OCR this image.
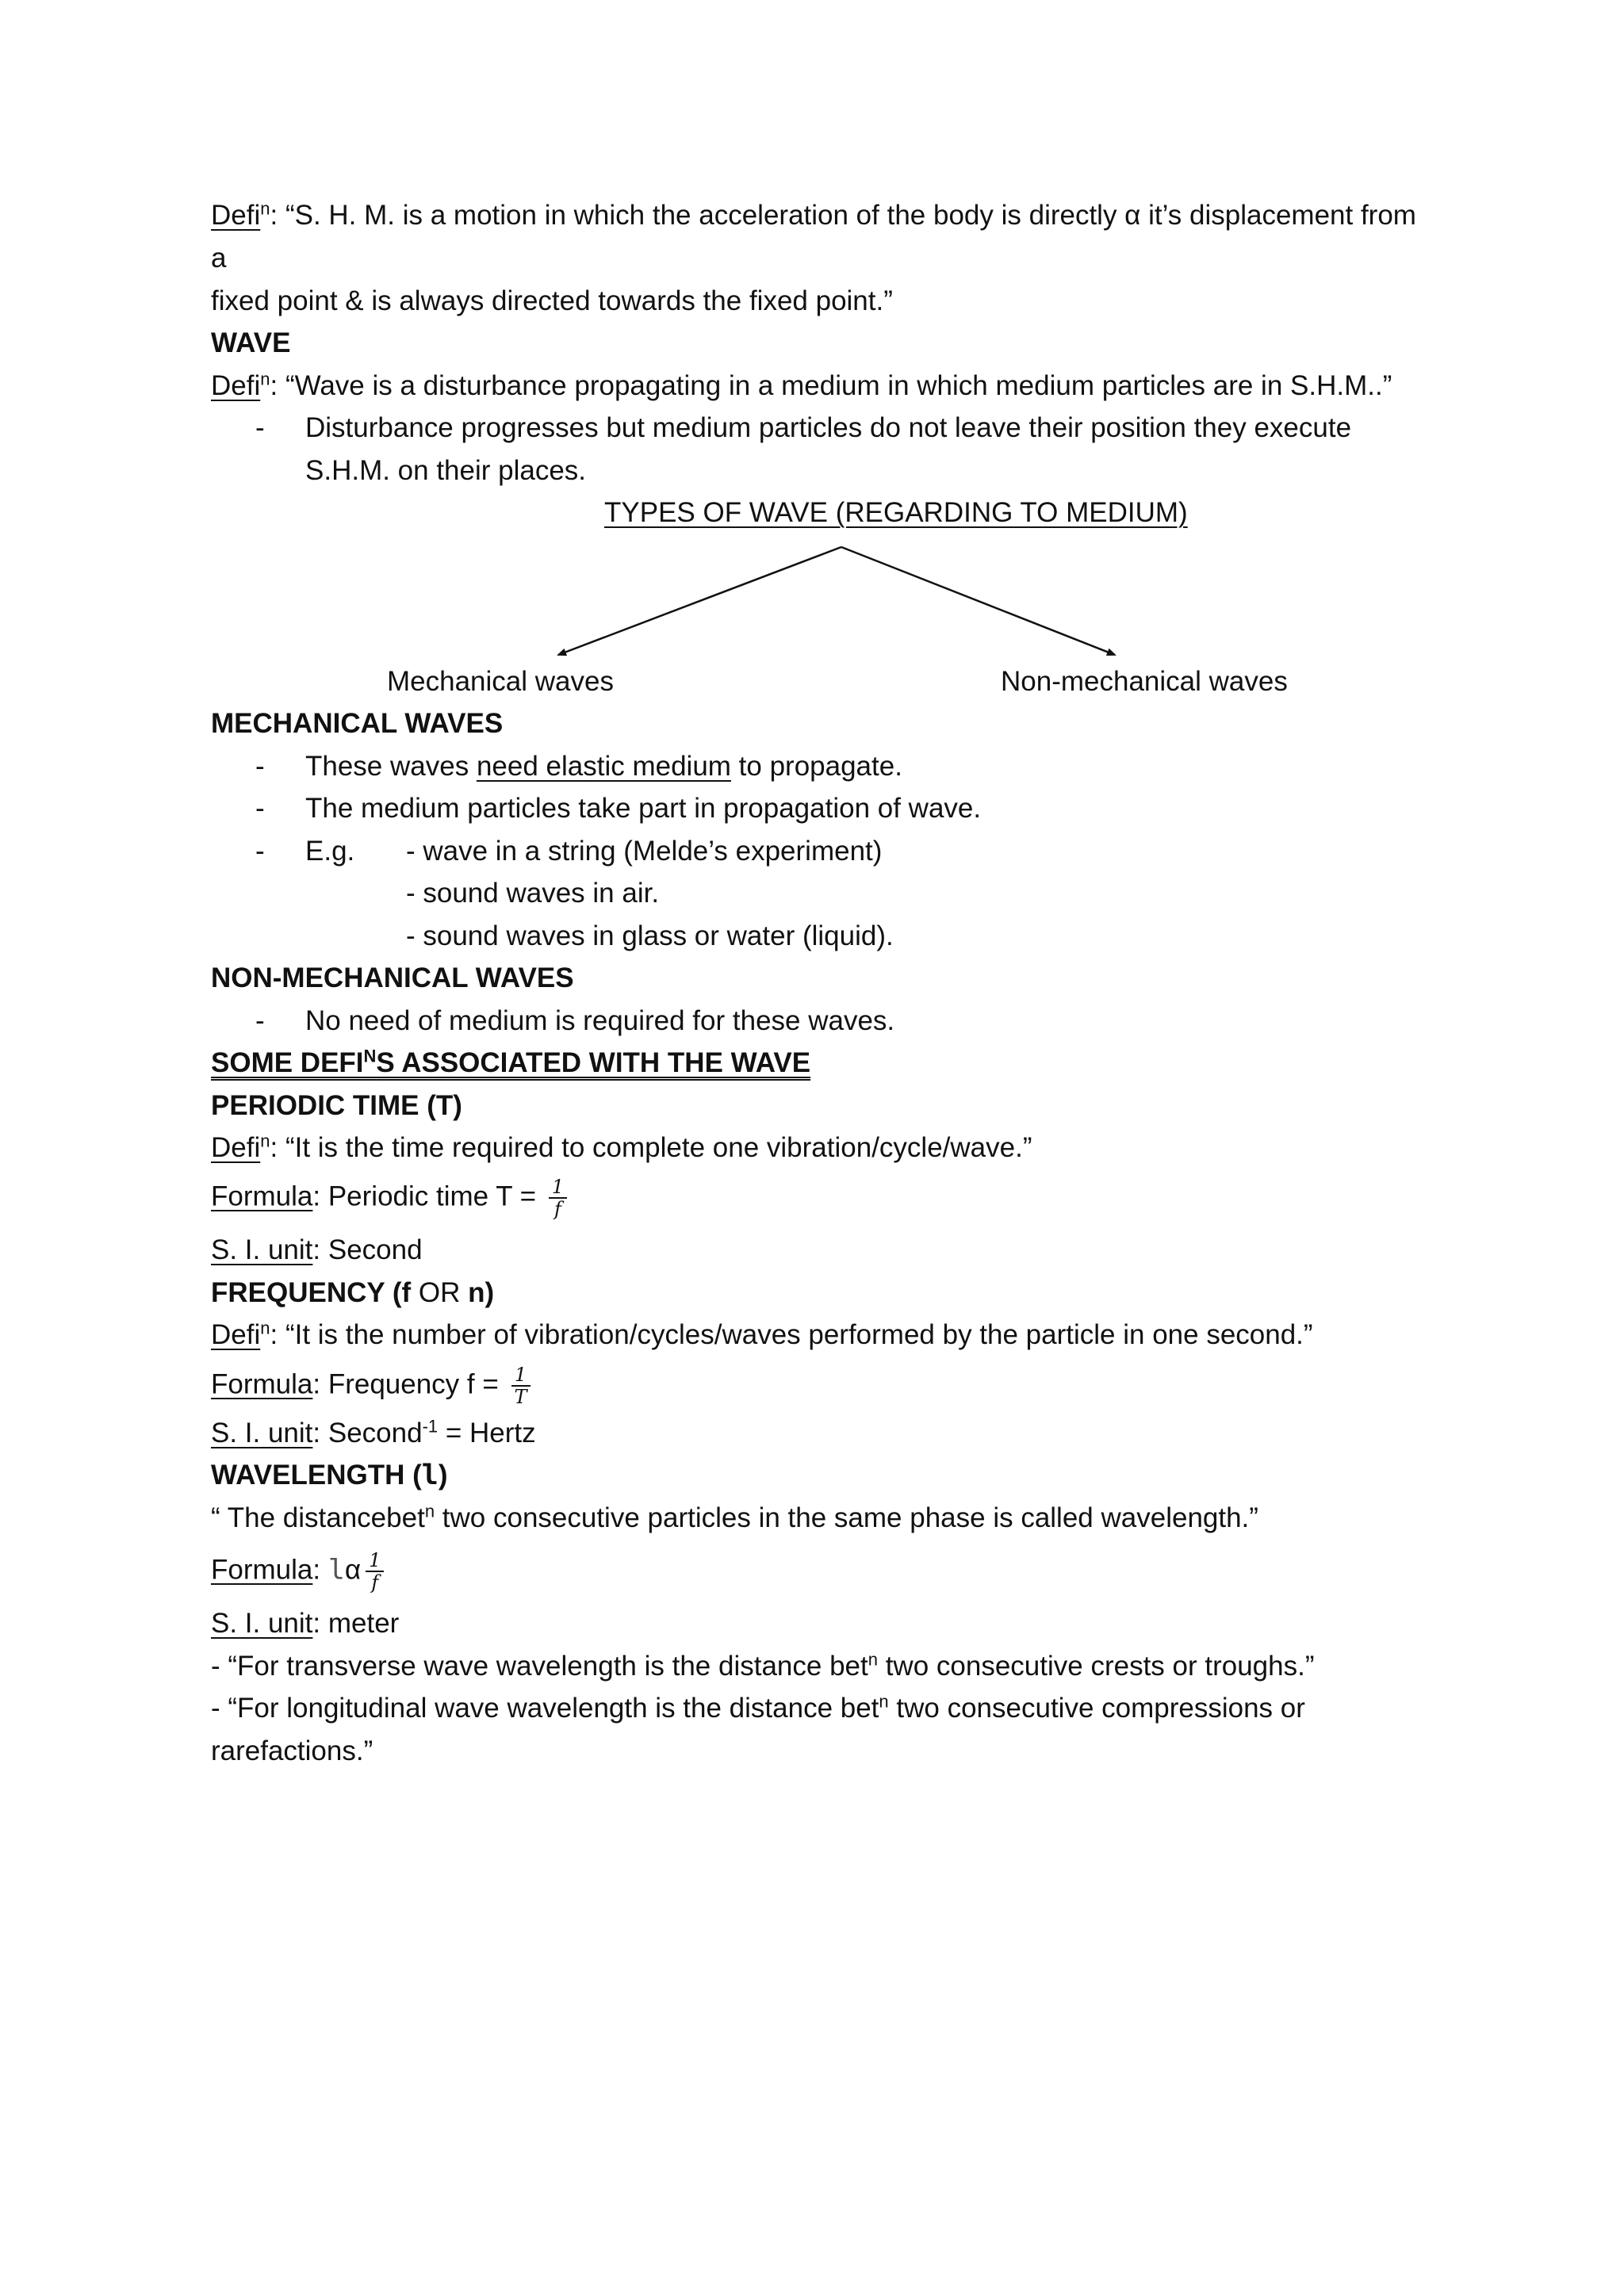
Defi$^n$: “S. H. M. is a motion in which the acceleration of the body is directly α it’s displacement from
a
fixed point & is always directed towards the fixed point.”
WAVE
Defi$^n$: “Wave is a disturbance propagating in a medium in which medium particles are in S.H.M..”
- Disturbance progresses but medium particles do not leave their position they execute
S.H.M. on their places.
TYPES OF WAVE (REGARDING TO MEDIUM)
Mechanical waves	Non-mechanical waves
MECHANICAL WAVES
- These waves need elastic medium to propagate.
- The medium particles take part in propagation of wave.
- E.g. - wave in a string (Melde’s experiment)
- sound waves in air.
- sound waves in glass or water (liquid).
NON-MECHANICAL WAVES
- No need of medium is required for these waves.
SOME $DEFI^NS$ ASSOCIATED WITH THE WAVE
PERIODIC TIME (T)
Defi$^n$: “It is the time required to complete one vibration/cycle/wave.”
Formula: Periodic time $T = \frac{1}{f}$
S. I. unit: Second
FREQUENCY (f OR n)
Defi$^n$: “It is the number of vibration/cycles/waves performed by the particle in one second.”
Formula: Frequency $f = \frac{1}{T}$
S. I. unit: Second$^{-1}$ = Hertz
WAVELENGTH (l)
“ The distancebet$^n$ two consecutive particles in the same phase is called wavelength.”
Formula: lα $\frac{1}{f}$
S. I. unit: meter
- “For transverse wave wavelength is the distance bet$^n$ two consecutive crests or troughs.”
- “For longitudinal wave wavelength is the distance bet$^n$ two consecutive compressions or
rarefactions.”
